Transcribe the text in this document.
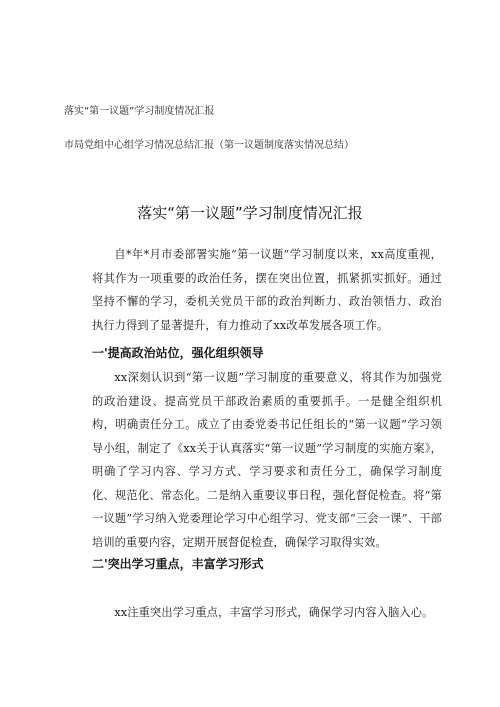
落实“第一议题”学习制度情况汇报
市局党组中心组学习情况总结汇报（第一议题制度落实情况总结）
落实“第一议题”学习制度情况汇报

自*年*月市委部署实施“第一议题”学习制度以来，xx高度重视，将其作为一项重要的政治任务，摆在突出位置，抓紧抓实抓好。通过坚持不懈的学习，委机关党员干部的政治判断力、政治领悟力、政治执行力得到了显著提升，有力推动了xx改革发展各项工作。

一'提高政治站位，强化组织领导

xx深刻认识到“第一议题”学习制度的重要意义，将其作为加强党的政治建设、提高党员干部政治素质的重要抓手。一是健全组织机构，明确责任分工。成立了由委党委书记任组长的“第一议题”学习领导小组，制定了《xx关于认真落实“第一议题”学习制度的实施方案》，明确了学习内容、学习方式、学习要求和责任分工，确保学习制度化、规范化、常态化。二是纳入重要议事日程，强化督促检查。将“第一议题”学习纳入党委理论学习中心组学习、党支部“三会一课”、干部培训的重要内容，定期开展督促检查，确保学习取得实效。

二'突出学习重点，丰富学习形式

xx注重突出学习重点，丰富学习形式，确保学习内容入脑入心。
